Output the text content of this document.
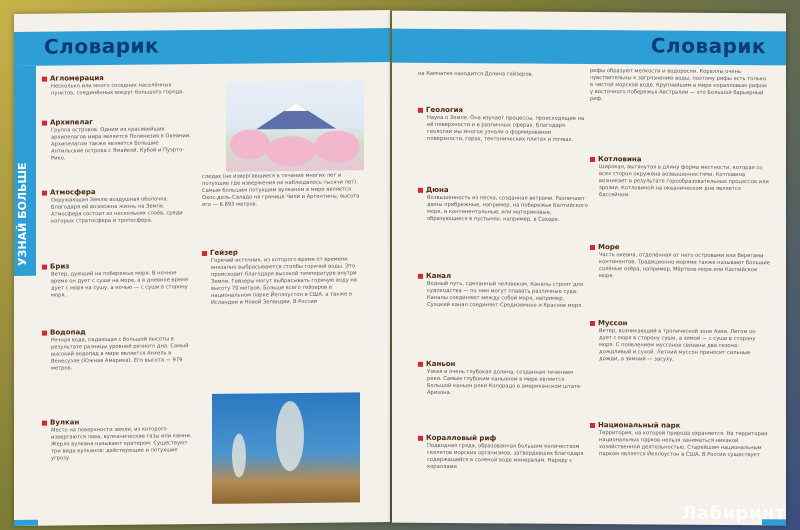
Словарик
УЗНАЙ БОЛЬШЕ
Агломерация
Несколько или много соседних населённых пунктов, соединённых вокруг большого города.
Архипелаг
Группа островов. Одним из красивейших архипелагов мира является Полинезия в Океании. Архипелагом также является Большие Антильские острова с Ямайкой, Кубой и Пуэрто-Рико.
Атмосфера
Окружающая Землю воздушная оболочка. Благодаря ей возможна жизнь на Земле. Атмосфера состоит из нескольких слоёв, среди которых стратосфера и тропосфера.
Бриз
Ветер, дующий на побережье моря. В ночное время он дует с суши на море, а в дневное время дует с моря на сушу, а ночью — с суши в сторону моря.
Водопад
Речная вода, падающая с большой высоты в результате разницы уровней речного дна. Самый высокий водопад в мире является Анхель в Венесуэле (Южная Америка). Его высота — 979 метров.
Вулкан
Место на поверхности земли, из которого извергаются лава, вулканические газы или камни. Жерло вулкана называют кратером. Существуют три вида вулканов: действующие и потухшие угрозу.
следах (не извергавшиеся в течение многих лет и потухшие где извержения не наблюдалось тысячи лет). Самым большим потухшим вулканом в мире является Охос-дель-Саладо на границе Чили и Аргентины, высота его — 6 893 метров.
Гейзер
Горячий источник, из которого время от времени внезапно выбрасываются столбы горячей воды. Это происходит благодаря высокой температуре внутри Земли. Гейзеры могут выбрасывать горячую воду на высоту 70 метров. Больше всего гейзеров в национальном парке Йеллоустон в США, а также в Исландии и Новой Зеландии. В России
Словарик
на Камчатке находится Долина гейзеров.	рифы образуют мелкости и водоросли. Кораллы очень чувствительны к загрязнению воды, поэтому рифы есть только в чистой морской воде. Крупнейшим в мире коралловым рифом у восточного побережья Австралии — это Большой барьерный риф.
Геология
Наука о Земле. Она изучает процессы, происходящие на её поверхности и в различных сферах. Благодаря геологии мы многое узнали о формировании поверхности, горах, тектонических плитах и почвах.
Дюна
Возвышенность из песка, созданная ветрами. Различают дюны прибрежные, например, на побережье Балтийского моря, и континентальные, или материковые, образующиеся в пустынях, например, в Сахаре.
Канал
Водный путь, сделанный человеком. Каналы строят для судоходства — по ним могут плавать различные суда. Каналы соединяют между собой моря, например, Суэцкий канал соединяет Средиземное и Красное моря.
Каньон
Узкая и очень глубокая долина, созданная течением реки. Самым глубоким каньоном в мире является Большой каньон реки Колорадо в американском штате Аризона.
Коралловый риф
Подводная гряда, образованная большим количеством скелетов морских организмов, затвердевших благодаря содержащейся в соленой воде минералам. Наряду с кораллами
Котловина
Широкая, вытянутая в длину форма местности, которая со всех сторон окружена возвышенностями. Котловина возникает в результате горообразовательных процессов или эрозии. Котловиной на океаническом дне является бассейном.
Море
Часть океана, отделённая от него островами или берегами континентов. Традиционно морями также называют большие солёные озёра, например, Мёртвое море или Каспийское море.
Муссон
Ветер, возникающий в тропической зоне Азии. Летом он дует с моря в сторону суши, а зимой — с суши в сторону моря. С появлением муссонов связаны два сезона: дождливый и сухой. Летний муссон приносит сильные дожди, а зимний — засуху.
Национальный парк
Территория, на которой природа охраняется. На территории национальных парков нельзя заниматься никакой хозяйственной деятельностью. Старейшим национальным парком является Йеллоустон в США. В России существует
Лабиринт
